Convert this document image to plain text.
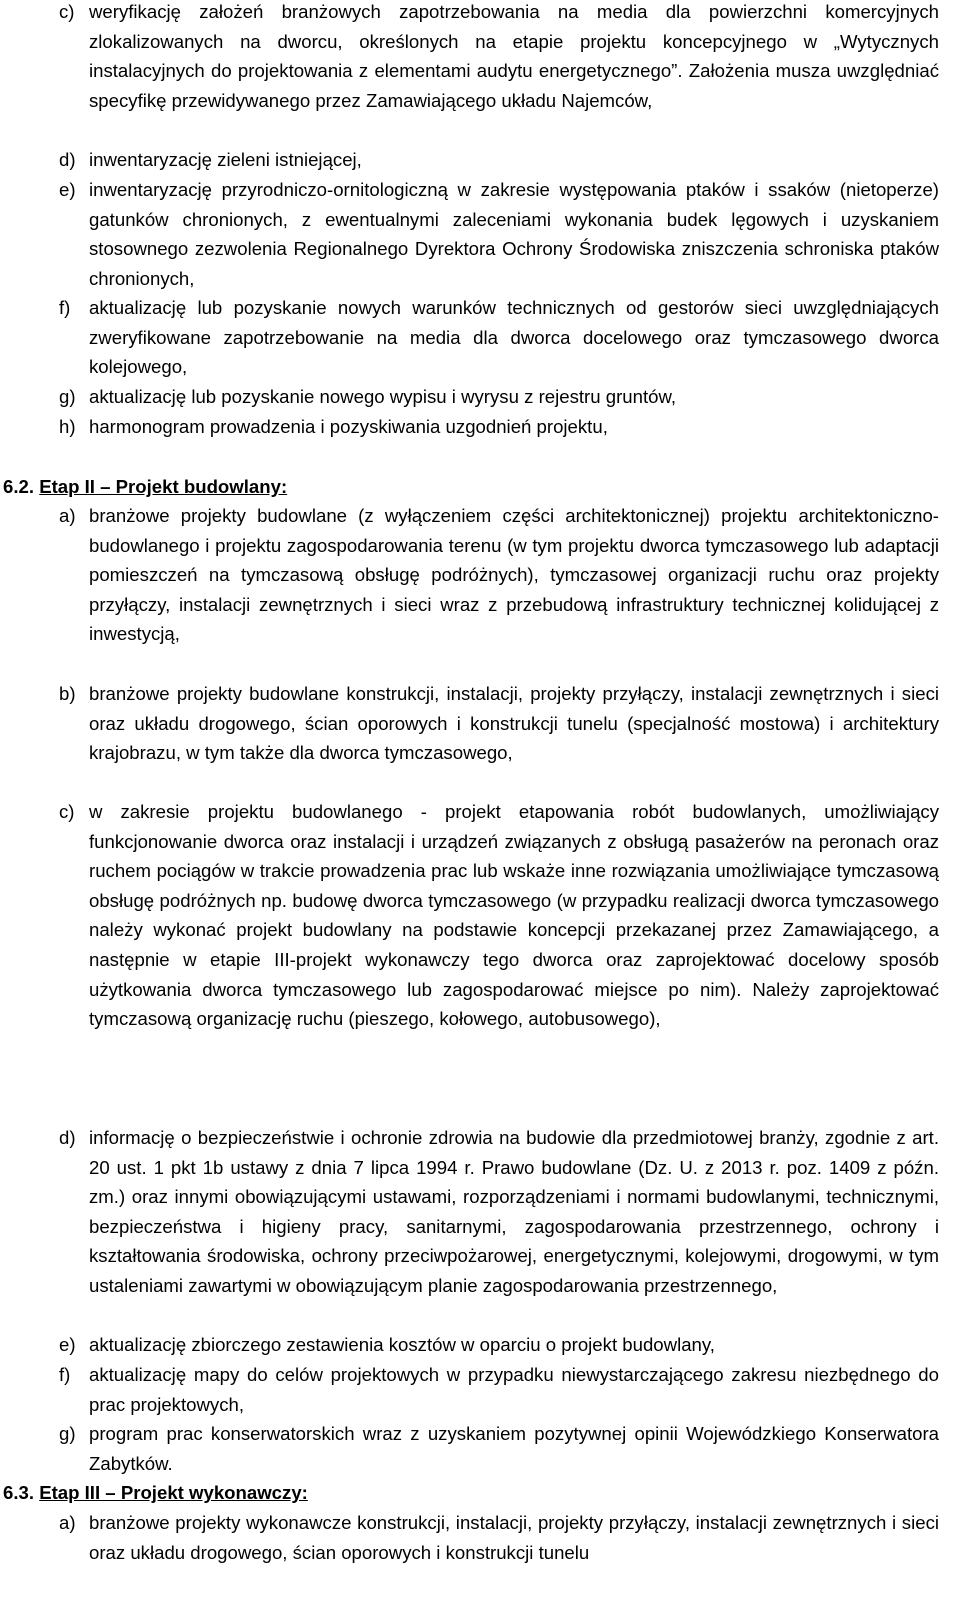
c) weryfikację założeń branżowych zapotrzebowania na media dla powierzchni komercyjnych zlokalizowanych na dworcu, określonych na etapie projektu koncepcyjnego w „Wytycznych instalacyjnych do projektowania z elementami audytu energetycznego”. Założenia musza uwzględniać specyfikę przewidywanego przez Zamawiającego układu Najemców,
d) inwentaryzację zieleni istniejącej,
e) inwentaryzację przyrodniczo-ornitologiczną w zakresie występowania ptaków i ssaków (nietoperze) gatunków chronionych, z ewentualnymi zaleceniami wykonania budek lęgowych i uzyskaniem stosownego zezwolenia Regionalnego Dyrektora Ochrony Środowiska zniszczenia schroniska ptaków chronionych,
f) aktualizację lub pozyskanie nowych warunków technicznych od gestorów sieci uwzględniających zweryfikowane zapotrzebowanie na media dla dworca docelowego oraz tymczasowego dworca kolejowego,
g) aktualizację lub pozyskanie nowego wypisu i wyrysu z rejestru gruntów,
h) harmonogram prowadzenia i pozyskiwania uzgodnień projektu,
6.2. Etap II – Projekt budowlany:
a) branżowe projekty budowlane (z wyłączeniem części architektonicznej) projektu architektoniczno-budowlanego i projektu zagospodarowania terenu (w tym projektu dworca tymczasowego lub adaptacji pomieszczeń na tymczasową obsługę podróżnych), tymczasowej organizacji ruchu oraz projekty przyłączy, instalacji zewnętrznych i sieci wraz z przebudową infrastruktury technicznej kolidującej z inwestycją,
b) branżowe projekty budowlane konstrukcji, instalacji, projekty przyłączy, instalacji zewnętrznych i sieci oraz układu drogowego, ścian oporowych i konstrukcji tunelu (specjalność mostowa) i architektury krajobrazu, w tym także dla dworca tymczasowego,
c) w zakresie projektu budowlanego - projekt etapowania robót budowlanych, umożliwiający funkcjonowanie dworca oraz instalacji i urządzeń związanych z obsługą pasażerów na peronach oraz ruchem pociągów w trakcie prowadzenia prac lub wskaże inne rozwiązania umożliwiające tymczasową obsługę podróżnych np. budowę dworca tymczasowego (w przypadku realizacji dworca tymczasowego należy wykonać projekt budowlany na podstawie koncepcji przekazanej przez Zamawiającego, a następnie w etapie III-projekt wykonawczy tego dworca oraz zaprojektować docelowy sposób użytkowania dworca tymczasowego lub zagospodarować miejsce po nim). Należy zaprojektować tymczasową organizację ruchu (pieszego, kołowego, autobusowego),
d) informację o bezpieczeństwie i ochronie zdrowia na budowie dla przedmiotowej branży, zgodnie z art. 20 ust. 1 pkt 1b ustawy z dnia 7 lipca 1994 r. Prawo budowlane (Dz. U. z 2013 r. poz. 1409 z późn. zm.) oraz innymi obowiązującymi ustawami, rozporządzeniami i normami budowlanymi, technicznymi, bezpieczeństwa i higieny pracy, sanitarnymi, zagospodarowania przestrzennego, ochrony i kształtowania środowiska, ochrony przeciwpożarowej, energetycznymi, kolejowymi, drogowymi, w tym ustaleniami zawartymi w obowiązującym planie zagospodarowania przestrzennego,
e) aktualizację zbiorczego zestawienia kosztów w oparciu o projekt budowlany,
f) aktualizację mapy do celów projektowych w przypadku niewystarczającego zakresu niezbędnego do prac projektowych,
g) program prac konserwatorskich wraz z uzyskaniem pozytywnej opinii Wojewódzkiego Konserwatora Zabytków.
6.3. Etap III – Projekt wykonawczy:
a) branżowe projekty wykonawcze konstrukcji, instalacji, projekty przyłączy, instalacji zewnętrznych i sieci oraz układu drogowego, ścian oporowych i konstrukcji tunelu
